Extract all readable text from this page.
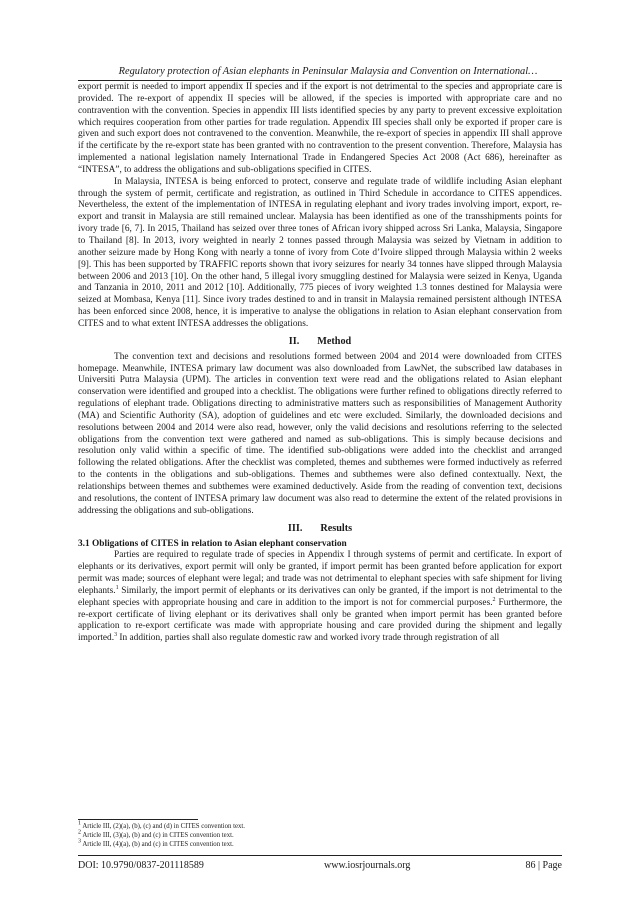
Regulatory protection of Asian elephants in Peninsular Malaysia and Convention on International…

export permit is needed to import appendix II species and if the export is not detrimental to the species and appropriate care is provided. The re-export of appendix II species will be allowed, if the species is imported with appropriate care and no contravention with the convention. Species in appendix III lists identified species by any party to prevent excessive exploitation which requires cooperation from other parties for trade regulation. Appendix III species shall only be exported if proper care is given and such export does not contravened to the convention. Meanwhile, the re-export of species in appendix III shall approve if the certificate by the re-export state has been granted with no contravention to the present convention. Therefore, Malaysia has implemented a national legislation namely International Trade in Endangered Species Act 2008 (Act 686), hereinafter as “INTESA”, to address the obligations and sub-obligations specified in CITES.

In Malaysia, INTESA is being enforced to protect, conserve and regulate trade of wildlife including Asian elephant through the system of permit, certificate and registration, as outlined in Third Schedule in accordance to CITES appendices. Nevertheless, the extent of the implementation of INTESA in regulating elephant and ivory trades involving import, export, re-export and transit in Malaysia are still remained unclear. Malaysia has been identified as one of the transshipments points for ivory trade [6, 7]. In 2015, Thailand has seized over three tones of African ivory shipped across Sri Lanka, Malaysia, Singapore to Thailand [8]. In 2013, ivory weighted in nearly 2 tonnes passed through Malaysia was seized by Vietnam in addition to another seizure made by Hong Kong with nearly a tonne of ivory from Cote d’Ivoire slipped through Malaysia within 2 weeks [9]. This has been supported by TRAFFIC reports shown that ivory seizures for nearly 34 tonnes have slipped through Malaysia between 2006 and 2013 [10]. On the other hand, 5 illegal ivory smuggling destined for Malaysia were seized in Kenya, Uganda and Tanzania in 2010, 2011 and 2012 [10]. Additionally, 775 pieces of ivory weighted 1.3 tonnes destined for Malaysia were seized at Mombasa, Kenya [11]. Since ivory trades destined to and in transit in Malaysia remained persistent although INTESA has been enforced since 2008, hence, it is imperative to analyse the obligations in relation to Asian elephant conservation from CITES and to what extent INTESA addresses the obligations.

II. Method

The convention text and decisions and resolutions formed between 2004 and 2014 were downloaded from CITES homepage. Meanwhile, INTESA primary law document was also downloaded from LawNet, the subscribed law databases in Universiti Putra Malaysia (UPM). The articles in convention text were read and the obligations related to Asian elephant conservation were identified and grouped into a checklist. The obligations were further refined to obligations directly referred to regulations of elephant trade. Obligations directing to administrative matters such as responsibilities of Management Authority (MA) and Scientific Authority (SA), adoption of guidelines and etc were excluded. Similarly, the downloaded decisions and resolutions between 2004 and 2014 were also read, however, only the valid decisions and resolutions referring to the selected obligations from the convention text were gathered and named as sub-obligations. This is simply because decisions and resolution only valid within a specific of time. The identified sub-obligations were added into the checklist and arranged following the related obligations. After the checklist was completed, themes and subthemes were formed inductively as referred to the contents in the obligations and sub-obligations. Themes and subthemes were also defined contextually. Next, the relationships between themes and subthemes were examined deductively. Aside from the reading of convention text, decisions and resolutions, the content of INTESA primary law document was also read to determine the extent of the related provisions in addressing the obligations and sub-obligations.

III. Results

3.1 Obligations of CITES in relation to Asian elephant conservation

Parties are required to regulate trade of species in Appendix I through systems of permit and certificate. In export of elephants or its derivatives, export permit will only be granted, if import permit has been granted before application for export permit was made; sources of elephant were legal; and trade was not detrimental to elephant species with safe shipment for living elephants.$^1$ Similarly, the import permit of elephants or its derivatives can only be granted, if the import is not detrimental to the elephant species with appropriate housing and care in addition to the import is not for commercial purposes.$^2$ Furthermore, the re-export certificate of living elephant or its derivatives shall only be granted when import permit has been granted before application to re-export certificate was made with appropriate housing and care provided during the shipment and legally imported.$^3$ In addition, parties shall also regulate domestic raw and worked ivory trade through registration of all

$^1$ Article III, (2)(a), (b), (c) and (d) in CITES convention text.
$^2$ Article III, (3)(a), (b) and (c) in CITES convention text.
$^3$ Article III, (4)(a), (b) and (c) in CITES convention text.
DOI: 10.9790/0837-201118589	www.iosrjournals.org	86 | Page
